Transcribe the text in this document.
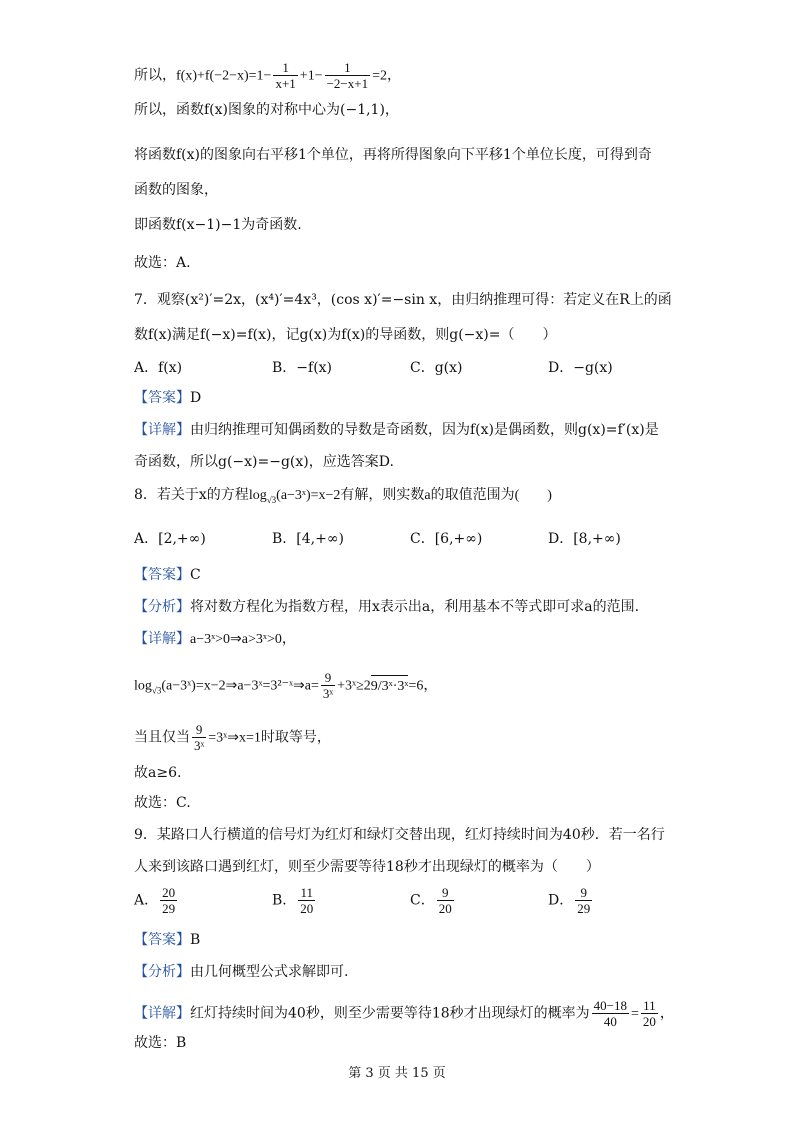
所以，$f(x)+f(-2-x)=1- \frac{1}{x+1} +1- \frac{1}{-2-x+1} =2$，
所以，函数f(x)图象的对称中心为(−1,1)，
将函数f(x)的图象向右平移1个单位，再将所得图象向下平移1个单位长度，可得到奇
函数的图象，
即函数f(x−1)−1为奇函数.
故选：A.
7．观察(x²)′=2x，(x⁴)′=4x³，(cos x)′=−sin x，由归纳推理可得：若定义在R上的函
数f(x)满足f(−x)=f(x)，记g(x)为f(x)的导函数，则g(−x)=（　　）
A．f(x)	B．−f(x)	C．g(x)	D．−g(x)
【答案】D
【详解】由归纳推理可知偶函数的导数是奇函数，因为f(x)是偶函数，则g(x)=f′(x)是
奇函数，所以g(−x)=−g(x)，应选答案D.
8．若关于x的方程$\log_{√3}(a-3ˣ)=x-2$有解，则实数a的取值范围为(　　)
A．[2,+∞)	B．[4,+∞)	C．[6,+∞)	D．[8,+∞)
【答案】C
【分析】将对数方程化为指数方程，用x表示出a，利用基本不等式即可求a的范围.
【详解】a−3ˣ>0⇒a>3ˣ>0，
$\log_{√3}(a-3ˣ)=x-2\Rightarrow a-3ˣ=3^{2-}ˣ\Rightarrow a= \frac{9}{\text{3ˣ}}$ +3ˣ≥29/3ˣ·3ˣ=6，
当且仅当 $\frac{9}{\text{3ˣ}}$ =3ˣ⇒x=1时取等号，
故a≥6.
故选：C.
9．某路口人行横道的信号灯为红灯和绿灯交替出现，红灯持续时间为40秒．若一名行
人来到该路口遇到红灯，则至少需要等待18秒才出现绿灯的概率为（　　）
A． $\frac{20}{29}$	B． $\frac{11}{20}$	C． $\frac{9}{20}$	D． $\frac{9}{29}$
【答案】B
【分析】由几何概型公式求解即可.
【详解】红灯持续时间为40秒，则至少需要等待18秒才出现绿灯的概率为 $\frac{40-18}{40} = \frac{11}{20}$ ，
故选：B
第 3 页 共 15 页
